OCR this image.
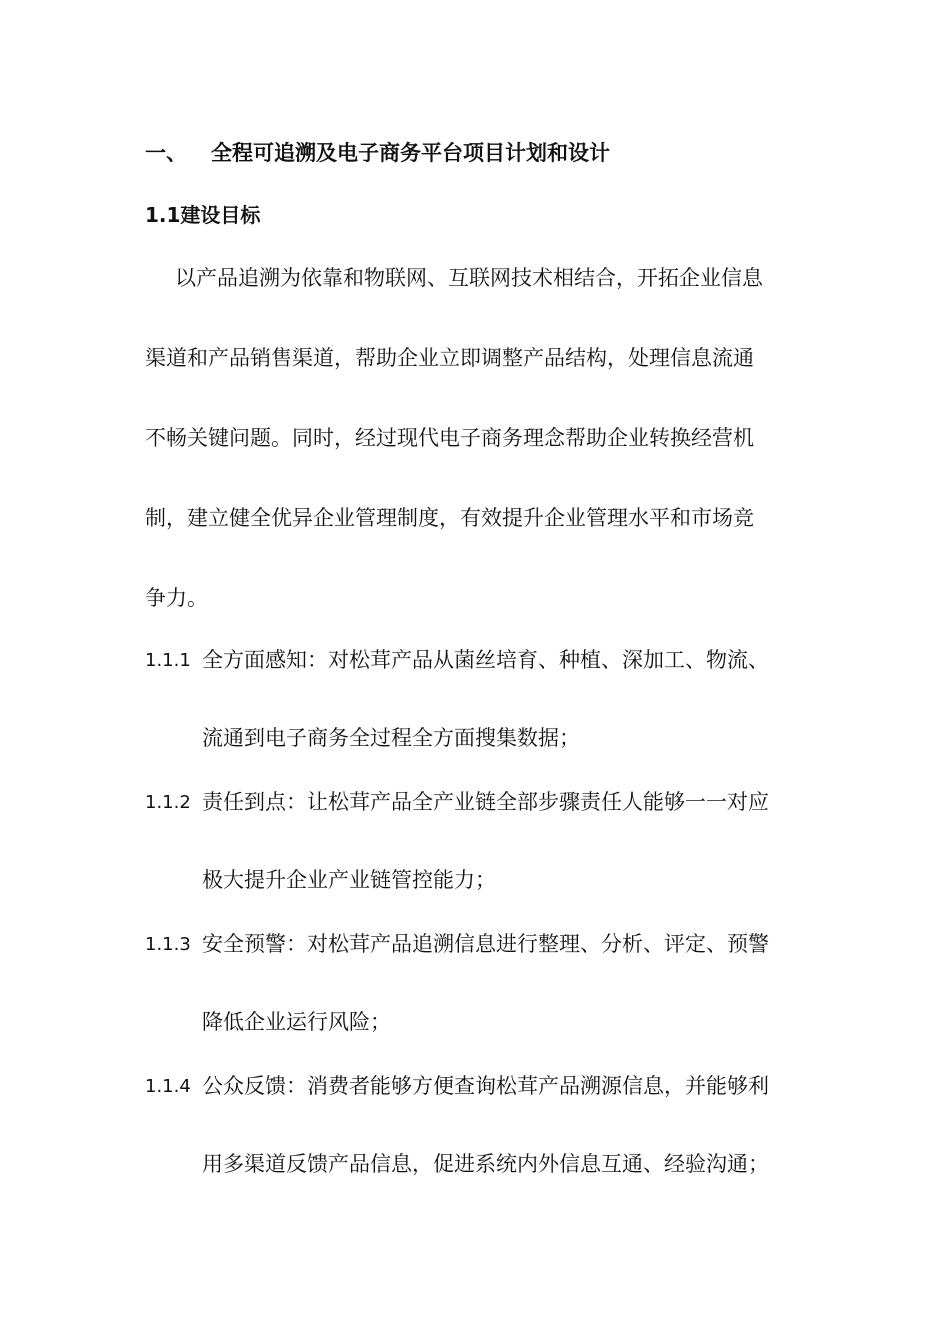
一、 全程可追溯及电子商务平台项目计划和设计
1.1建设目标
以产品追溯为依靠和物联网、互联网技术相结合，开拓企业信息
渠道和产品销售渠道，帮助企业立即调整产品结构，处理信息流通
不畅关键问题。同时，经过现代电子商务理念帮助企业转换经营机
制，建立健全优异企业管理制度，有效提升企业管理水平和市场竞
争力。
1.1.1 全方面感知：对松茸产品从菌丝培育、种植、深加工、物流、
流通到电子商务全过程全方面搜集数据；
1.1.2 责任到点：让松茸产品全产业链全部步骤责任人能够一一对应
极大提升企业产业链管控能力；
1.1.3 安全预警：对松茸产品追溯信息进行整理、分析、评定、预警
降低企业运行风险；
1.1.4 公众反馈：消费者能够方便查询松茸产品溯源信息，并能够利
用多渠道反馈产品信息，促进系统内外信息互通、经验沟通；
